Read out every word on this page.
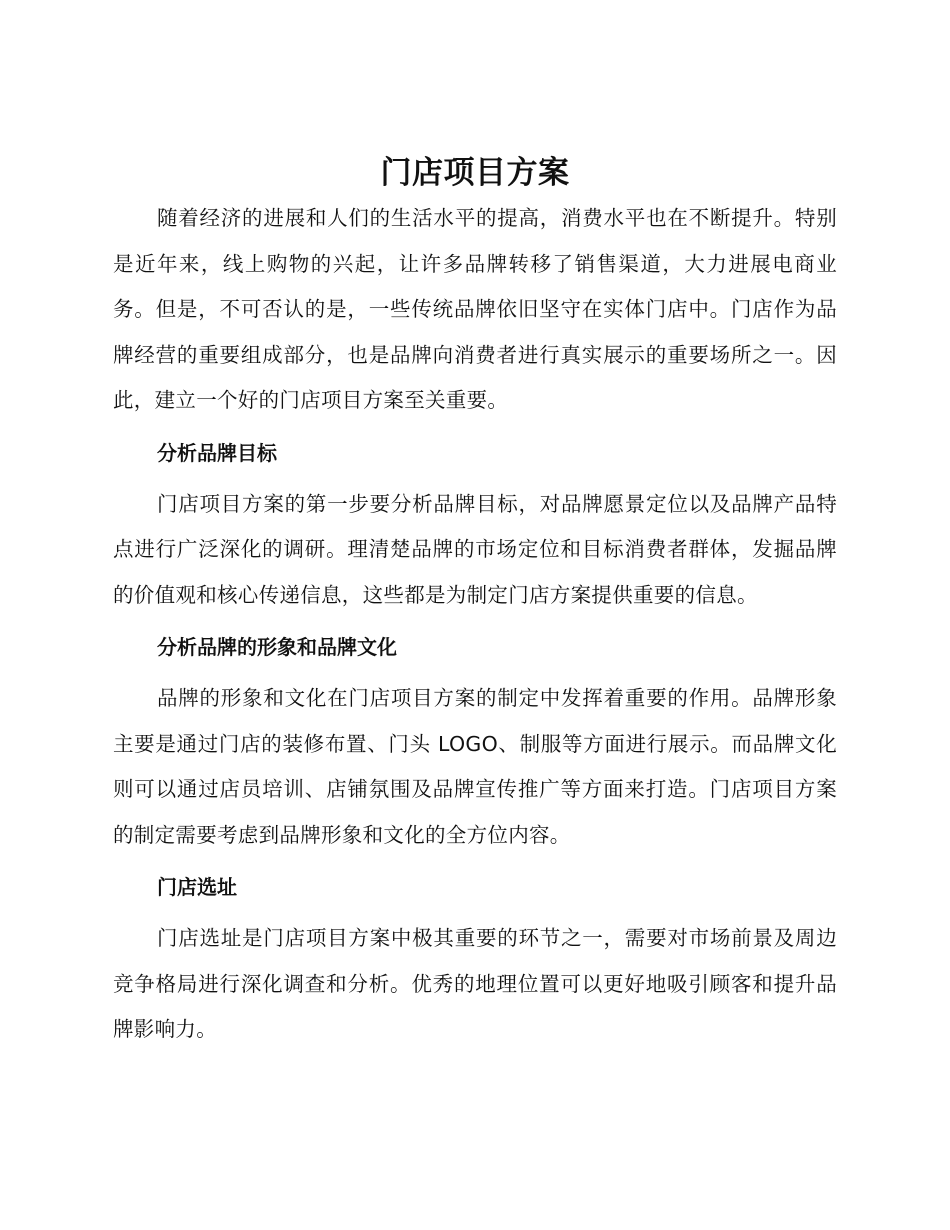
门店项目方案

随着经济的进展和人们的生活水平的提高，消费水平也在不断提升。特别是近年来，线上购物的兴起，让许多品牌转移了销售渠道，大力进展电商业务。但是，不可否认的是，一些传统品牌依旧坚守在实体门店中。门店作为品牌经营的重要组成部分，也是品牌向消费者进行真实展示的重要场所之一。因此，建立一个好的门店项目方案至关重要。

分析品牌目标

门店项目方案的第一步要分析品牌目标，对品牌愿景定位以及品牌产品特点进行广泛深化的调研。理清楚品牌的市场定位和目标消费者群体，发掘品牌的价值观和核心传递信息，这些都是为制定门店方案提供重要的信息。

分析品牌的形象和品牌文化

品牌的形象和文化在门店项目方案的制定中发挥着重要的作用。品牌形象主要是通过门店的装修布置、门头 LOGO、制服等方面进行展示。而品牌文化则可以通过店员培训、店铺氛围及品牌宣传推广等方面来打造。门店项目方案的制定需要考虑到品牌形象和文化的全方位内容。

门店选址

门店选址是门店项目方案中极其重要的环节之一，需要对市场前景及周边竞争格局进行深化调查和分析。优秀的地理位置可以更好地吸引顾客和提升品牌影响力。
